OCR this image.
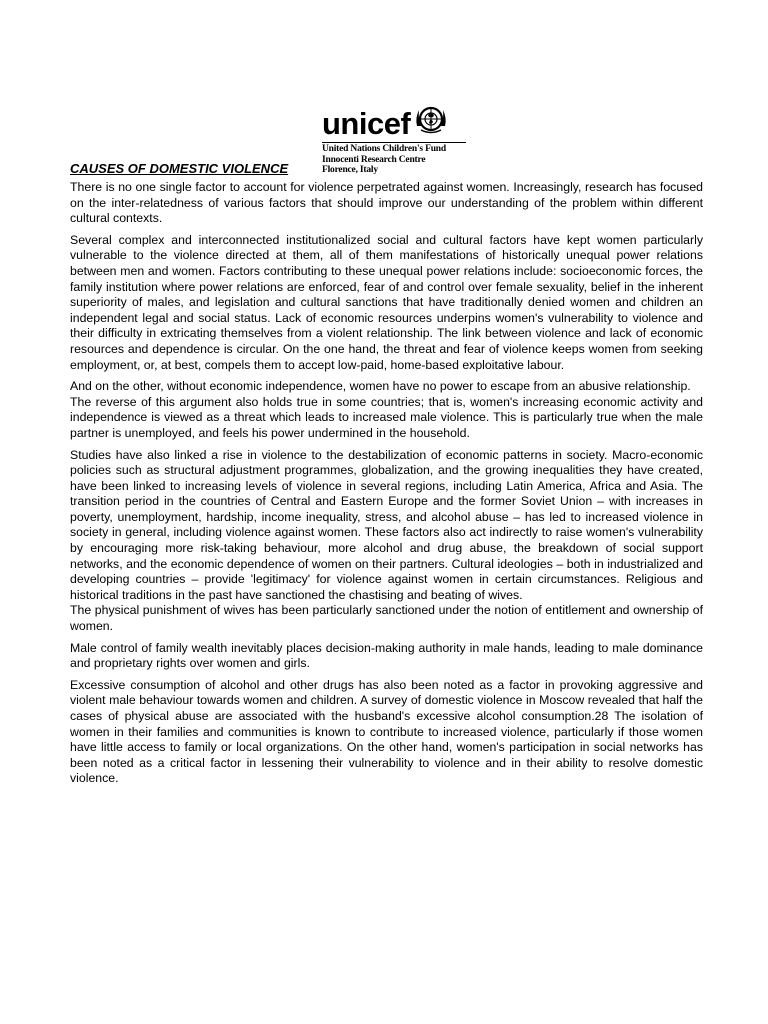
unicef
United Nations Children's Fund
Innocenti Research Centre
Florence, Italy
CAUSES OF DOMESTIC VIOLENCE

There is no one single factor to account for violence perpetrated against women. Increasingly, research has focused on the inter-relatedness of various factors that should improve our understanding of the problem within different cultural contexts.

Several complex and interconnected institutionalized social and cultural factors have kept women particularly vulnerable to the violence directed at them, all of them manifestations of historically unequal power relations between men and women. Factors contributing to these unequal power relations include: socioeconomic forces, the family institution where power relations are enforced, fear of and control over female sexuality, belief in the inherent superiority of males, and legislation and cultural sanctions that have traditionally denied women and children an independent legal and social status. Lack of economic resources underpins women's vulnerability to violence and their difficulty in extricating themselves from a violent relationship. The link between violence and lack of economic resources and dependence is circular. On the one hand, the threat and fear of violence keeps women from seeking employment, or, at best, compels them to accept low-paid, home-based exploitative labour.

And on the other, without economic independence, women have no power to escape from an abusive relationship.

The reverse of this argument also holds true in some countries; that is, women's increasing economic activity and independence is viewed as a threat which leads to increased male violence. This is particularly true when the male partner is unemployed, and feels his power undermined in the household.

Studies have also linked a rise in violence to the destabilization of economic patterns in society. Macro-economic policies such as structural adjustment programmes, globalization, and the growing inequalities they have created, have been linked to increasing levels of violence in several regions, including Latin America, Africa and Asia. The transition period in the countries of Central and Eastern Europe and the former Soviet Union – with increases in poverty, unemployment, hardship, income inequality, stress, and alcohol abuse – has led to increased violence in society in general, including violence against women. These factors also act indirectly to raise women's vulnerability by encouraging more risk-taking behaviour, more alcohol and drug abuse, the breakdown of social support networks, and the economic dependence of women on their partners. Cultural ideologies – both in industrialized and developing countries – provide 'legitimacy' for violence against women in certain circumstances. Religious and historical traditions in the past have sanctioned the chastising and beating of wives.

The physical punishment of wives has been particularly sanctioned under the notion of entitlement and ownership of women.

Male control of family wealth inevitably places decision-making authority in male hands, leading to male dominance and proprietary rights over women and girls.

Excessive consumption of alcohol and other drugs has also been noted as a factor in provoking aggressive and violent male behaviour towards women and children. A survey of domestic violence in Moscow revealed that half the cases of physical abuse are associated with the husband's excessive alcohol consumption.28 The isolation of women in their families and communities is known to contribute to increased violence, particularly if those women have little access to family or local organizations. On the other hand, women's participation in social networks has been noted as a critical factor in lessening their vulnerability to violence and in their ability to resolve domestic violence.
